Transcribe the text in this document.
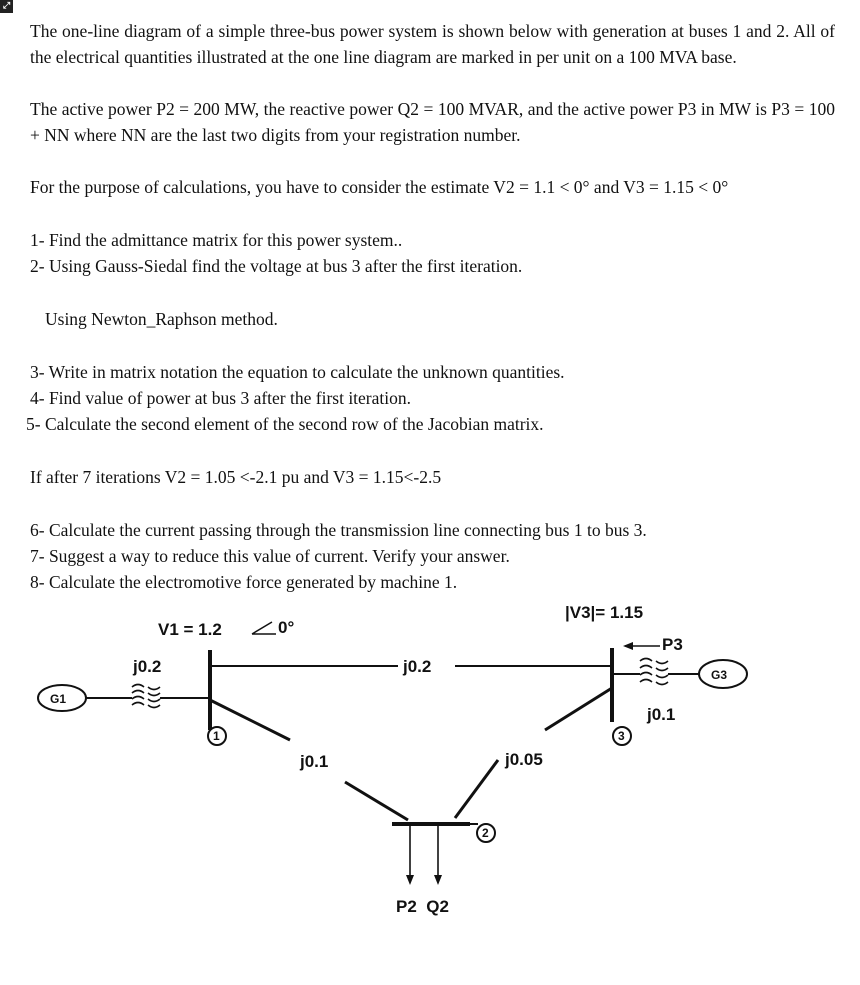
⤢
The one-line diagram of a simple three-bus power system is shown below with generation at buses 1 and 2. All of the electrical quantities illustrated at the one line diagram are marked in per unit on a 100 MVA base.
The active power P2 = 200 MW, the reactive power Q2 = 100 MVAR, and the active power P3 in MW is P3 = 100 + NN where NN are the last two digits from your registration number.
For the purpose of calculations, you have to consider the estimate V2 = 1.1 < 0° and V3 = 1.15 < 0°
1- Find the admittance matrix for this power system..
2- Using Gauss-Siedal find the voltage at bus 3 after the first iteration.
Using Newton_Raphson method.
3- Write in matrix notation the equation to calculate the unknown quantities.
4- Find value of power at bus 3 after the first iteration.
5- Calculate the second element of the second row of the Jacobian matrix.
If after 7 iterations V2 = 1.05 <-2.1 pu and V3 = 1.15<-2.5
6- Calculate the current passing through the transmission line connecting bus 1 to bus 3.
7- Suggest a way to reduce this value of current. Verify your answer.
8- Calculate the electromotive force generated by machine 1.
V1 = 1.2	0°
|V3|= 1.15
P3
j0.2	j0.2
j0.1	j0.05
j0.1
G1
G3
1	3
2
P2  Q2
